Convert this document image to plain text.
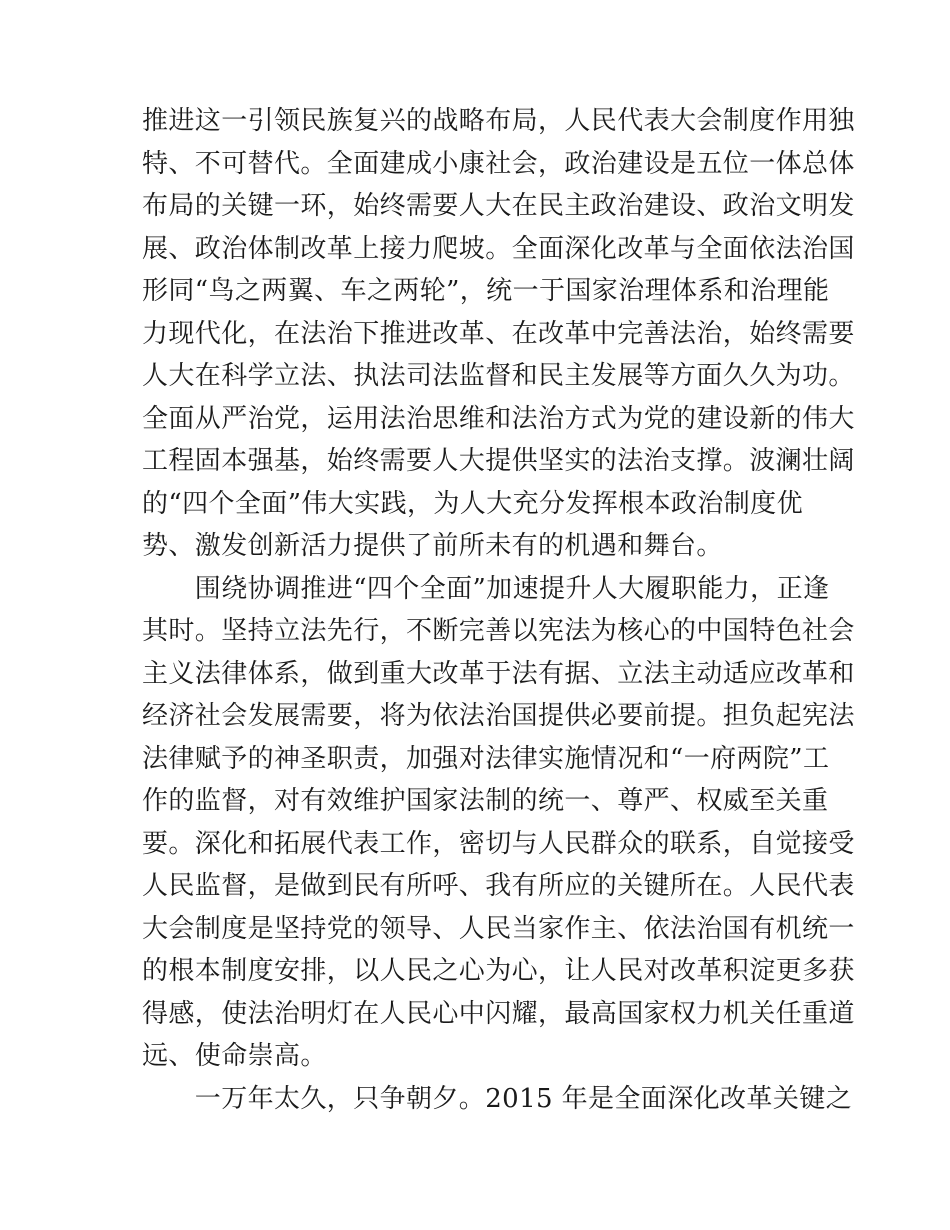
推进这一引领民族复兴的战略布局，人民代表大会制度作用独
特、不可替代。全面建成小康社会，政治建设是五位一体总体
布局的关键一环，始终需要人大在民主政治建设、政治文明发
展、政治体制改革上接力爬坡。全面深化改革与全面依法治国
形同“鸟之两翼、车之两轮”，统一于国家治理体系和治理能
力现代化，在法治下推进改革、在改革中完善法治，始终需要
人大在科学立法、执法司法监督和民主发展等方面久久为功。
全面从严治党，运用法治思维和法治方式为党的建设新的伟大
工程固本强基，始终需要人大提供坚实的法治支撑。波澜壮阔
的“四个全面”伟大实践，为人大充分发挥根本政治制度优
势、激发创新活力提供了前所未有的机遇和舞台。
　　围绕协调推进“四个全面”加速提升人大履职能力，正逢
其时。坚持立法先行，不断完善以宪法为核心的中国特色社会
主义法律体系，做到重大改革于法有据、立法主动适应改革和
经济社会发展需要，将为依法治国提供必要前提。担负起宪法
法律赋予的神圣职责，加强对法律实施情况和“一府两院”工
作的监督，对有效维护国家法制的统一、尊严、权威至关重
要。深化和拓展代表工作，密切与人民群众的联系，自觉接受
人民监督，是做到民有所呼、我有所应的关键所在。人民代表
大会制度是坚持党的领导、人民当家作主、依法治国有机统一
的根本制度安排，以人民之心为心，让人民对改革积淀更多获
得感，使法治明灯在人民心中闪耀，最高国家权力机关任重道
远、使命崇高。
　　一万年太久，只争朝夕。2015 年是全面深化改革关键之
